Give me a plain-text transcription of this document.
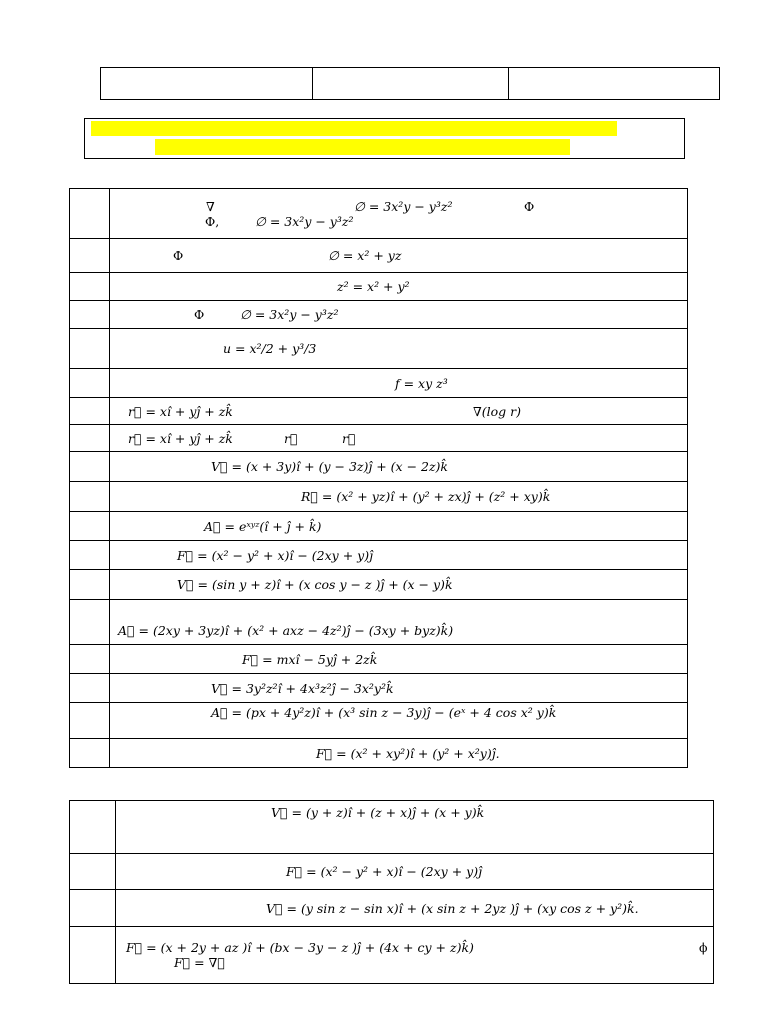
	∇ ∅ = 3x²y − y³z² Φ
Φ, ∅ = 3x²y − y³z²

	Φ ∅ = x² + yz

	z² = x² + y²

	Φ ∅ = 3x²y − y³z²

	u = x²/2 + y³/3

	f = xy z³

	r⃗ = xî + yĵ + zk̂ ∇(log r)

	r⃗ = xî + yĵ + zk̂ r⃗ r⃗

	V⃗ = (x + 3y)î + (y − 3z)ĵ + (x − 2z)k̂

	R⃗ = (x² + yz)î + (y² + zx)ĵ + (z² + xy)k̂

	A⃗ = eˣʸᶻ(î + ĵ + k̂)

	F⃗ = (x² − y² + x)î − (2xy + y)ĵ

	V⃗ = (sin y + z)î + (x cos y − z )ĵ + (x − y)k̂

	A⃗ = (2xy + 3yz)î + (x² + axz − 4z²)ĵ − (3xy + byz)k̂)

	F⃗ = mxî − 5yĵ + 2zk̂

	V⃗ = 3y²z²î + 4x³z²ĵ − 3x²y²k̂

	A⃗ = (px + 4y²z)î + (x³ sin z − 3y)ĵ − (eˣ + 4 cos x² y)k̂

	F⃗ = (x² + xy²)î + (y² + x²y)ĵ.

	V⃗ = (y + z)î + (z + x)ĵ + (x + y)k̂

	F⃗ = (x² − y² + x)î − (2xy + y)ĵ

	V⃗ = (y sin z − sin x)î + (x sin z + 2yz )ĵ + (xy cos z + y²)k̂.

	F⃗ = (x + 2y + az )î + (bx − 3y − z )ĵ + (4x + cy + z)k̂) ϕ
F⃗ = ∇∅
